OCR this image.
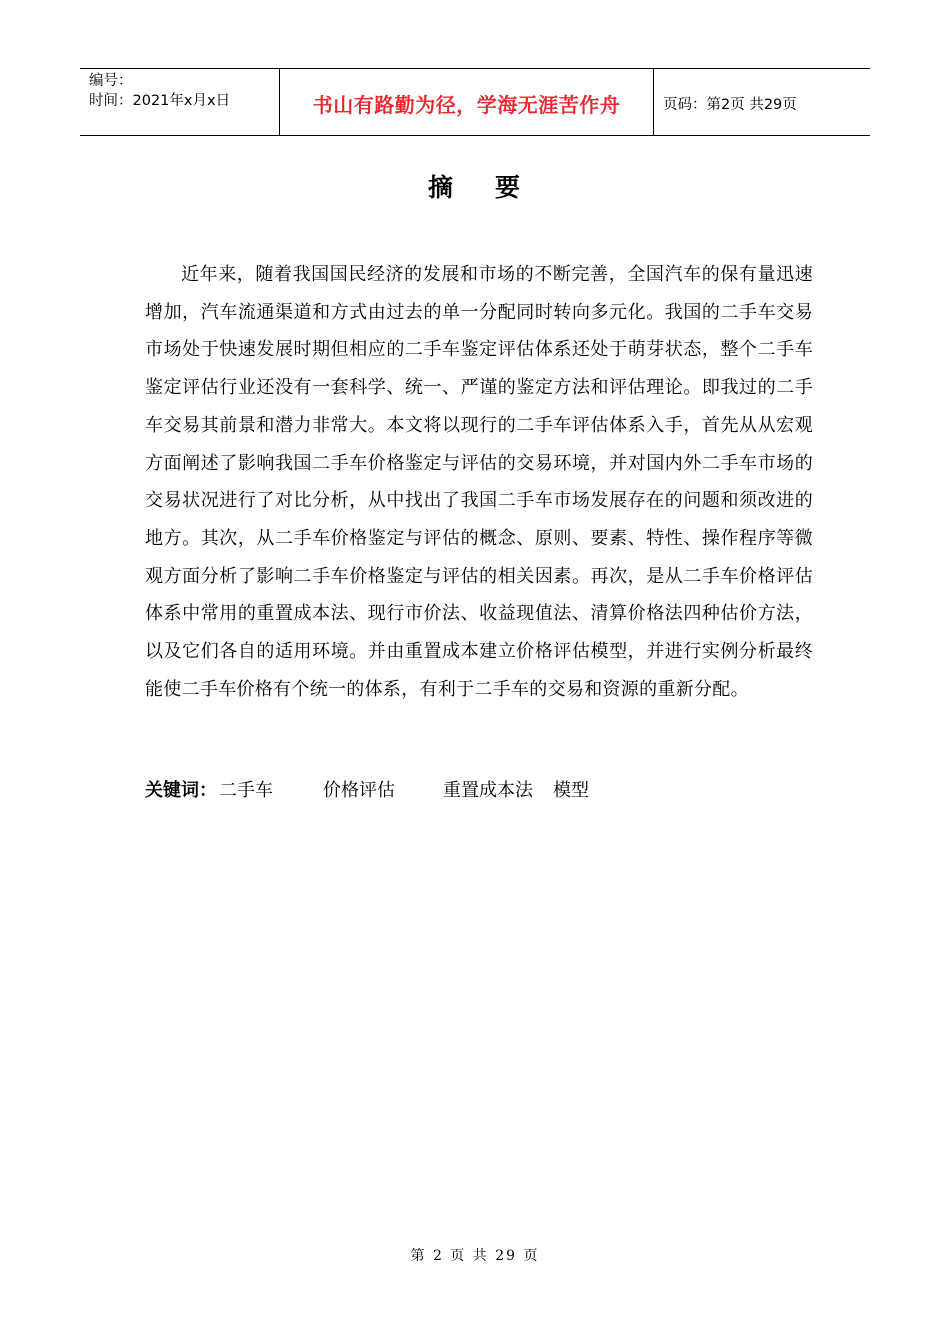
编号：
时间：2021年x月x日	书山有路勤为径，学海无涯苦作舟	页码：第2页 共29页
摘 要
近年来，随着我国国民经济的发展和市场的不断完善，全国汽车的保有量迅速增加，汽车流通渠道和方式由过去的单一分配同时转向多元化。我国的二手车交易市场处于快速发展时期但相应的二手车鉴定评估体系还处于萌芽状态，整个二手车鉴定评估行业还没有一套科学、统一、严谨的鉴定方法和评估理论。即我过的二手车交易其前景和潜力非常大。本文将以现行的二手车评估体系入手，首先从从宏观方面阐述了影响我国二手车价格鉴定与评估的交易环境，并对国内外二手车市场的交易状况进行了对比分析，从中找出了我国二手车市场发展存在的问题和须改进的地方。其次，从二手车价格鉴定与评估的概念、原则、要素、特性、操作程序等微观方面分析了影响二手车价格鉴定与评估的相关因素。再次，是从二手车价格评估体系中常用的重置成本法、现行市价法、收益现值法、清算价格法四种估价方法，以及它们各自的适用环境。并由重置成本建立价格评估模型，并进行实例分析最终能使二手车价格有个统一的体系，有利于二手车的交易和资源的重新分配。
关键词： 二手车	价格评估	重置成本法 模型
第 2 页 共 29 页
